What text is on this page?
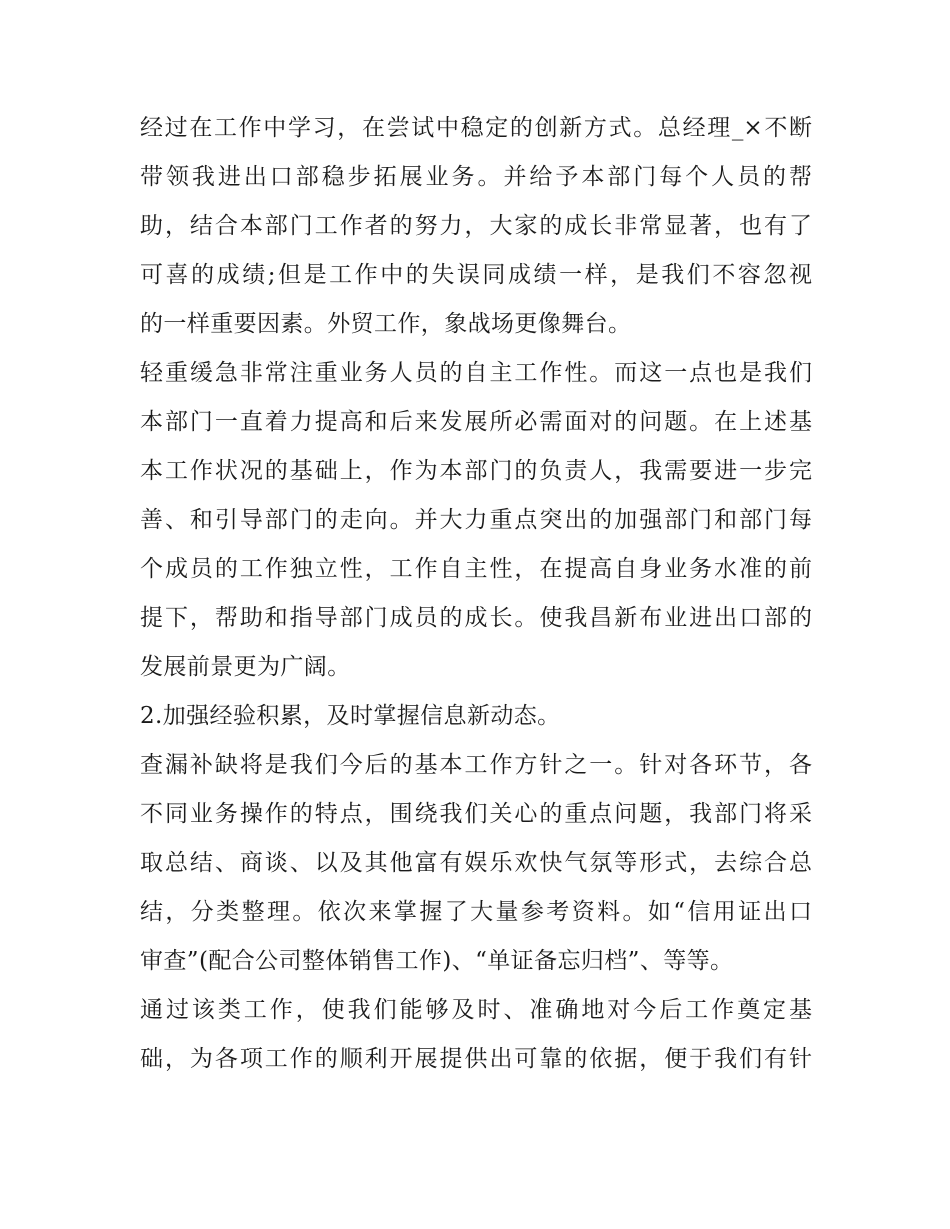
经过在工作中学习，在尝试中稳定的创新方式。总经理_×不断
带领我进出口部稳步拓展业务。并给予本部门每个人员的帮
助，结合本部门工作者的努力，大家的成长非常显著，也有了
可喜的成绩;但是工作中的失误同成绩一样，是我们不容忽视
的一样重要因素。外贸工作，象战场更像舞台。
轻重缓急非常注重业务人员的自主工作性。而这一点也是我们
本部门一直着力提高和后来发展所必需面对的问题。在上述基
本工作状况的基础上，作为本部门的负责人，我需要进一步完
善、和引导部门的走向。并大力重点突出的加强部门和部门每
个成员的工作独立性，工作自主性，在提高自身业务水准的前
提下，帮助和指导部门成员的成长。使我昌新布业进出口部的
发展前景更为广阔。
2.加强经验积累，及时掌握信息新动态。
查漏补缺将是我们今后的基本工作方针之一。针对各环节，各
不同业务操作的特点，围绕我们关心的重点问题，我部门将采
取总结、商谈、以及其他富有娱乐欢快气氛等形式，去综合总
结，分类整理。依次来掌握了大量参考资料。如“信用证出口
审查”(配合公司整体销售工作)、“单证备忘归档”、等等。
通过该类工作，使我们能够及时、准确地对今后工作奠定基
础，为各项工作的顺利开展提供出可靠的依据，便于我们有针
